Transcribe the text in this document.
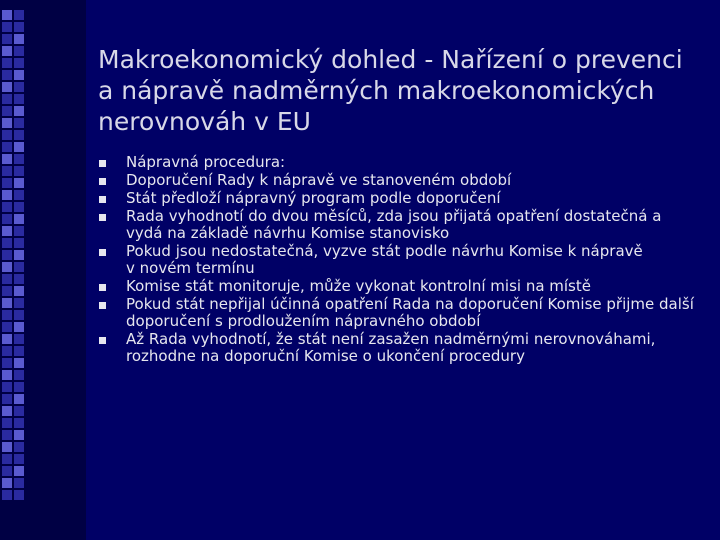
Makroekonomický dohled - Nařízení o prevenci a nápravě nadměrných makroekonomických nerovnováh v EU
Nápravná procedura:
Doporučení Rady k nápravě ve stanoveném období
Stát předloží nápravný program podle doporučení
Rada vyhodnotí do dvou měsíců, zda jsou přijatá opatření dostatečná a vydá na základě návrhu Komise stanovisko
Pokud jsou nedostatečná, vyzve stát podle návrhu Komise k nápravě
v novém termínu
Komise stát monitoruje, může vykonat kontrolní misi na místě
Pokud stát nepřijal účinná opatření Rada na doporučení Komise přijme další doporučení s prodloužením nápravného období
Až Rada vyhodnotí, že stát není zasažen nadměrnými nerovnováhami, rozhodne na doporuční Komise o ukončení procedury
